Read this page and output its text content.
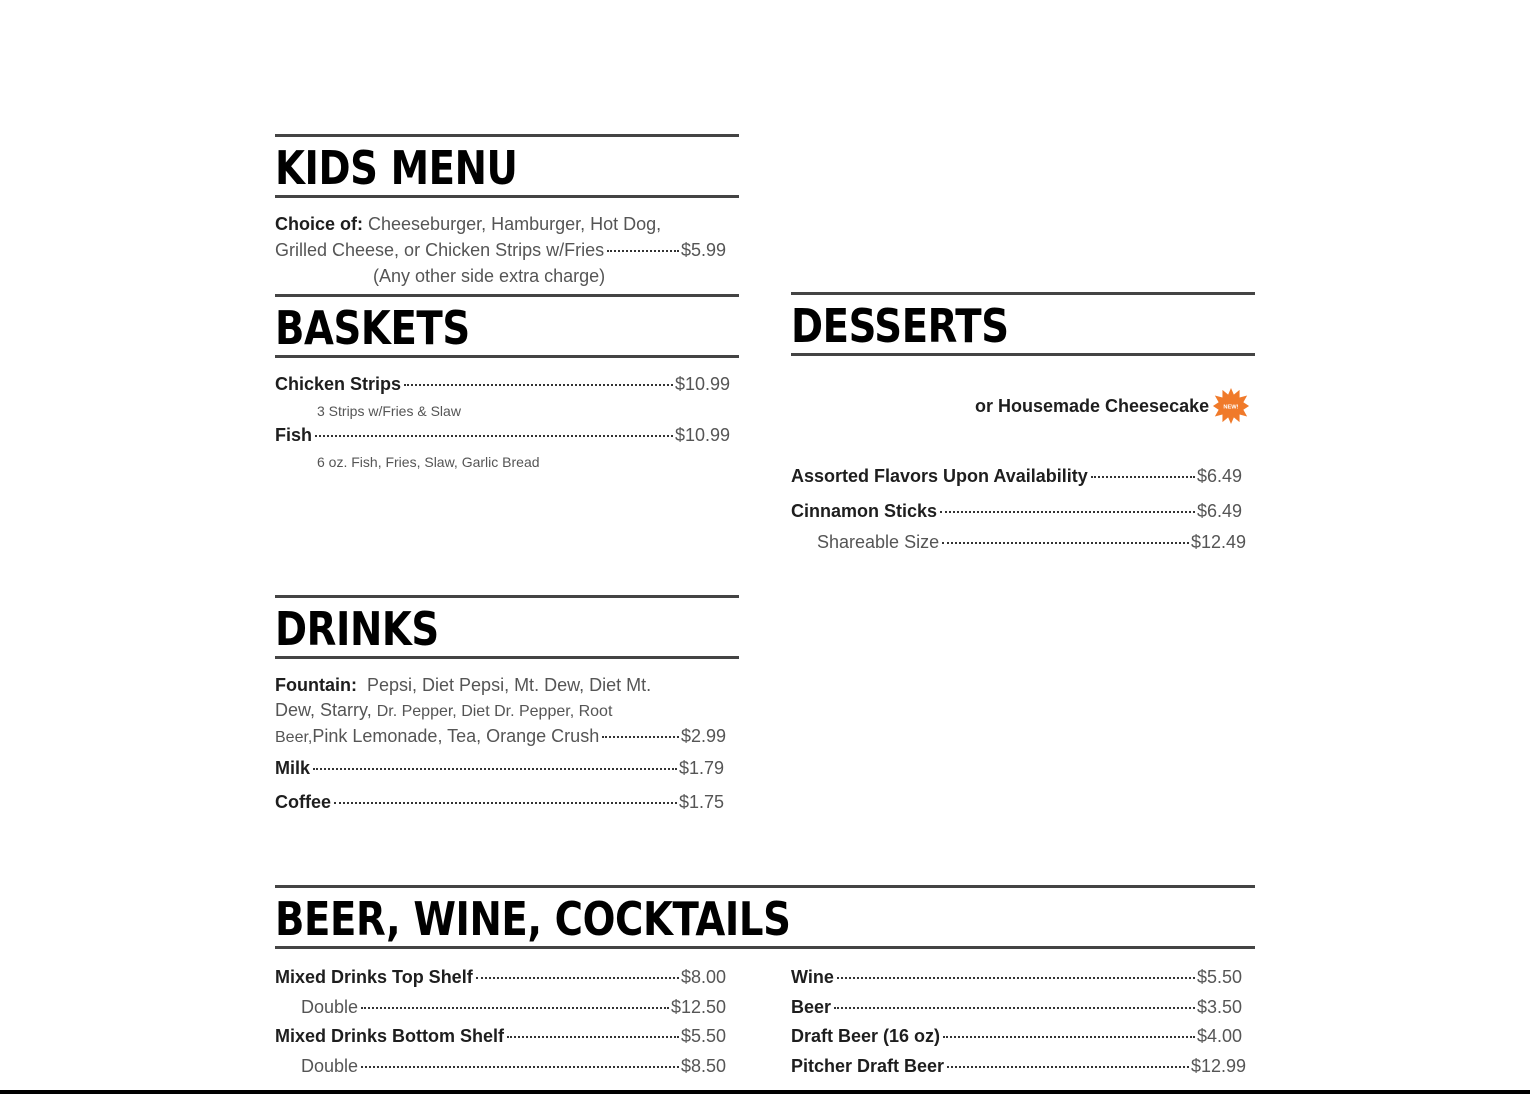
KIDS MENU
Choice of: Cheeseburger, Hamburger, Hot Dog,
Grilled Cheese, or Chicken Strips w/Fries	$5.99
(Any other side extra charge)
BASKETS
Chicken Strips	$10.99
3 Strips w/Fries & Slaw
Fish	$10.99
6 oz. Fish, Fries, Slaw, Garlic Bread
DESSERTS
or Housemade Cheesecake NEW!
Assorted Flavors Upon Availability	$6.49
Cinnamon Sticks	$6.49
Shareable Size	$12.49
DRINKS
Fountain: Pepsi, Diet Pepsi, Mt. Dew, Diet Mt.
Dew, Starry, Dr. Pepper, Diet Dr. Pepper, Root
Beer, Pink Lemonade, Tea, Orange Crush	$2.99
Milk	$1.79
Coffee	$1.75
BEER, WINE, COCKTAILS
Mixed Drinks Top Shelf	$8.00
Double	$12.50
Mixed Drinks Bottom Shelf	$5.50
Double	$8.50
Wine	$5.50
Beer	$3.50
Draft Beer (16 oz)	$4.00
Pitcher Draft Beer	$12.99
